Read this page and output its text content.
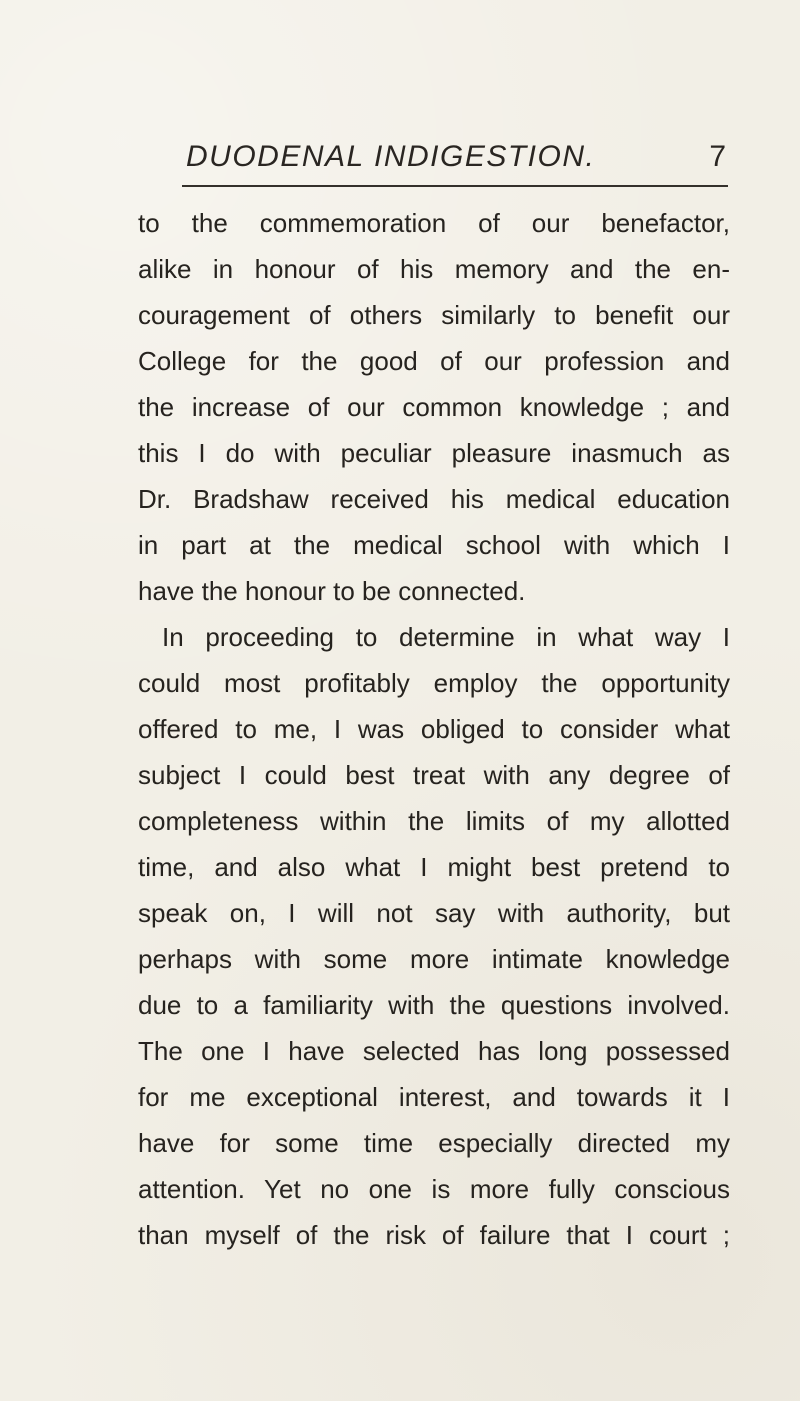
DUODENAL INDIGESTION.	7
to the commemoration of our benefactor,
alike in honour of his memory and the en-
couragement of others similarly to benefit our
College for the good of our profession and
the increase of our common knowledge ; and
this I do with peculiar pleasure inasmuch as
Dr. Bradshaw received his medical education
in part at the medical school with which I
have the honour to be connected.
In proceeding to determine in what way I
could most profitably employ the opportunity
offered to me, I was obliged to consider what
subject I could best treat with any degree of
completeness within the limits of my allotted
time, and also what I might best pretend to
speak on, I will not say with authority, but
perhaps with some more intimate knowledge
due to a familiarity with the questions involved.
The one I have selected has long possessed
for me exceptional interest, and towards it I
have for some time especially directed my
attention. Yet no one is more fully conscious
than myself of the risk of failure that I court ;
